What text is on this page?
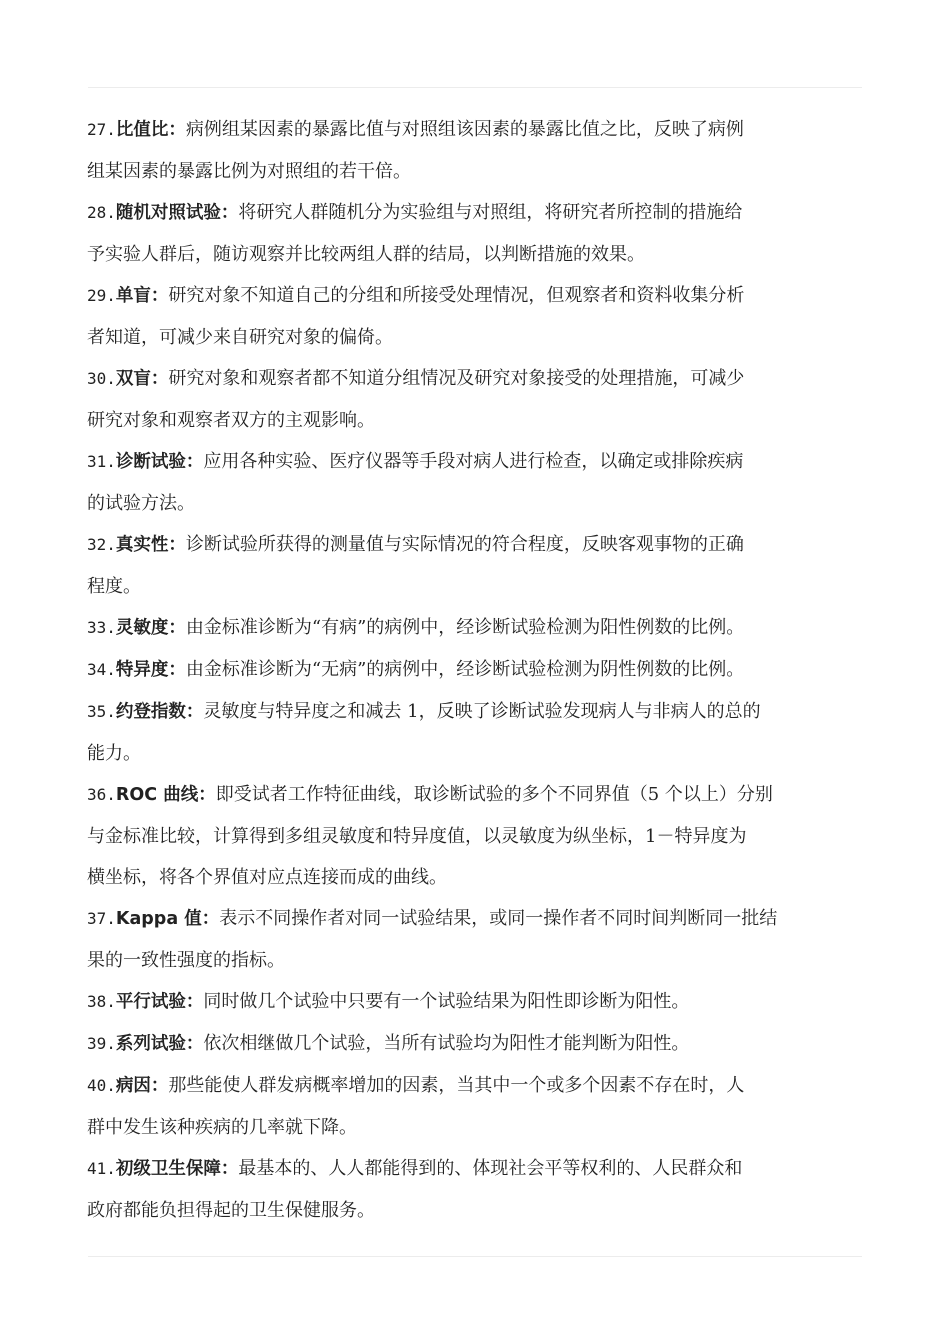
27.比值比：病例组某因素的暴露比值与对照组该因素的暴露比值之比，反映了病例
组某因素的暴露比例为对照组的若干倍。
28.随机对照试验：将研究人群随机分为实验组与对照组，将研究者所控制的措施给
予实验人群后，随访观察并比较两组人群的结局，以判断措施的效果。
29.单盲：研究对象不知道自己的分组和所接受处理情况，但观察者和资料收集分析
者知道，可减少来自研究对象的偏倚。
30.双盲：研究对象和观察者都不知道分组情况及研究对象接受的处理措施，可减少
研究对象和观察者双方的主观影响。
31.诊断试验：应用各种实验、医疗仪器等手段对病人进行检查，以确定或排除疾病
的试验方法。
32.真实性：诊断试验所获得的测量值与实际情况的符合程度，反映客观事物的正确
程度。
33.灵敏度：由金标准诊断为“有病”的病例中，经诊断试验检测为阳性例数的比例。
34.特异度：由金标准诊断为“无病”的病例中，经诊断试验检测为阴性例数的比例。
35.约登指数：灵敏度与特异度之和减去 1，反映了诊断试验发现病人与非病人的总的
能力。
36.ROC 曲线：即受试者工作特征曲线，取诊断试验的多个不同界值（5 个以上）分别
与金标准比较，计算得到多组灵敏度和特异度值，以灵敏度为纵坐标，1－特异度为
横坐标，将各个界值对应点连接而成的曲线。
37.Kappa 值：表示不同操作者对同一试验结果，或同一操作者不同时间判断同一批结
果的一致性强度的指标。
38.平行试验：同时做几个试验中只要有一个试验结果为阳性即诊断为阳性。
39.系列试验：依次相继做几个试验，当所有试验均为阳性才能判断为阳性。
40.病因：那些能使人群发病概率增加的因素，当其中一个或多个因素不存在时，人
群中发生该种疾病的几率就下降。
41.初级卫生保障：最基本的、人人都能得到的、体现社会平等权利的、人民群众和
政府都能负担得起的卫生保健服务。
